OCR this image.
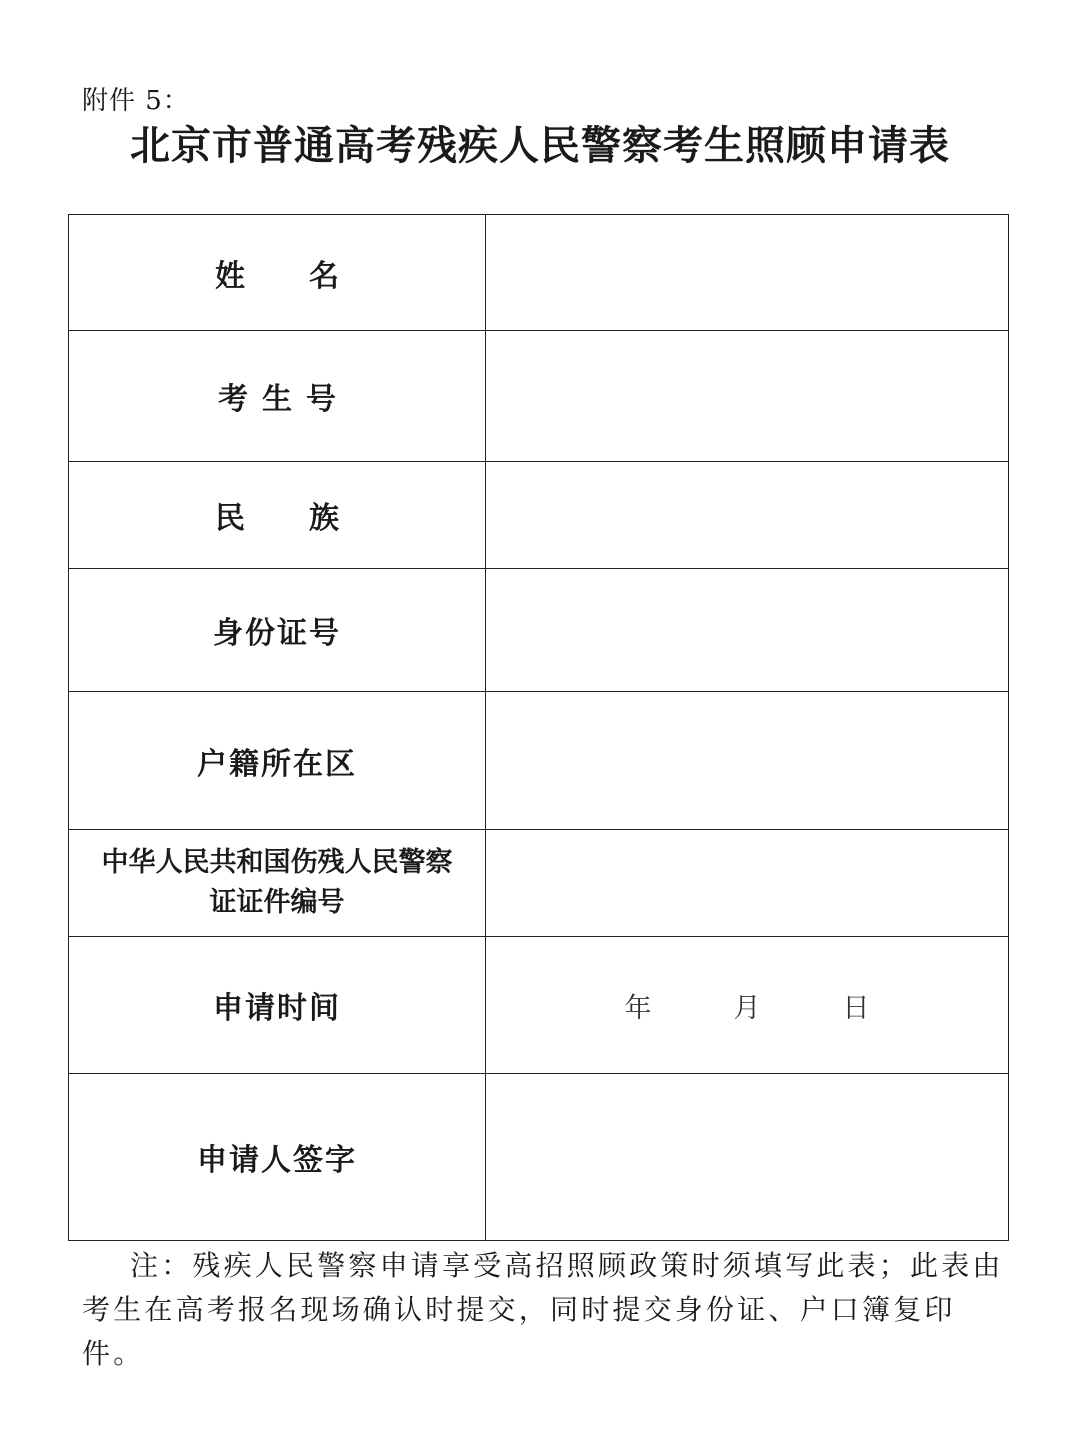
附件 5：
北京市普通高考残疾人民警察考生照顾申请表
姓名	
考生号	
民族	
身份证号	
户籍所在区	

中华人民共和国伤残人民警察
证证件编号	

申请时间	年 月 日
申请人签字	
注：残疾人民警察申请享受高招照顾政策时须填写此表；此表由考生在高考报名现场确认时提交，同时提交身份证、户口簿复印件。
